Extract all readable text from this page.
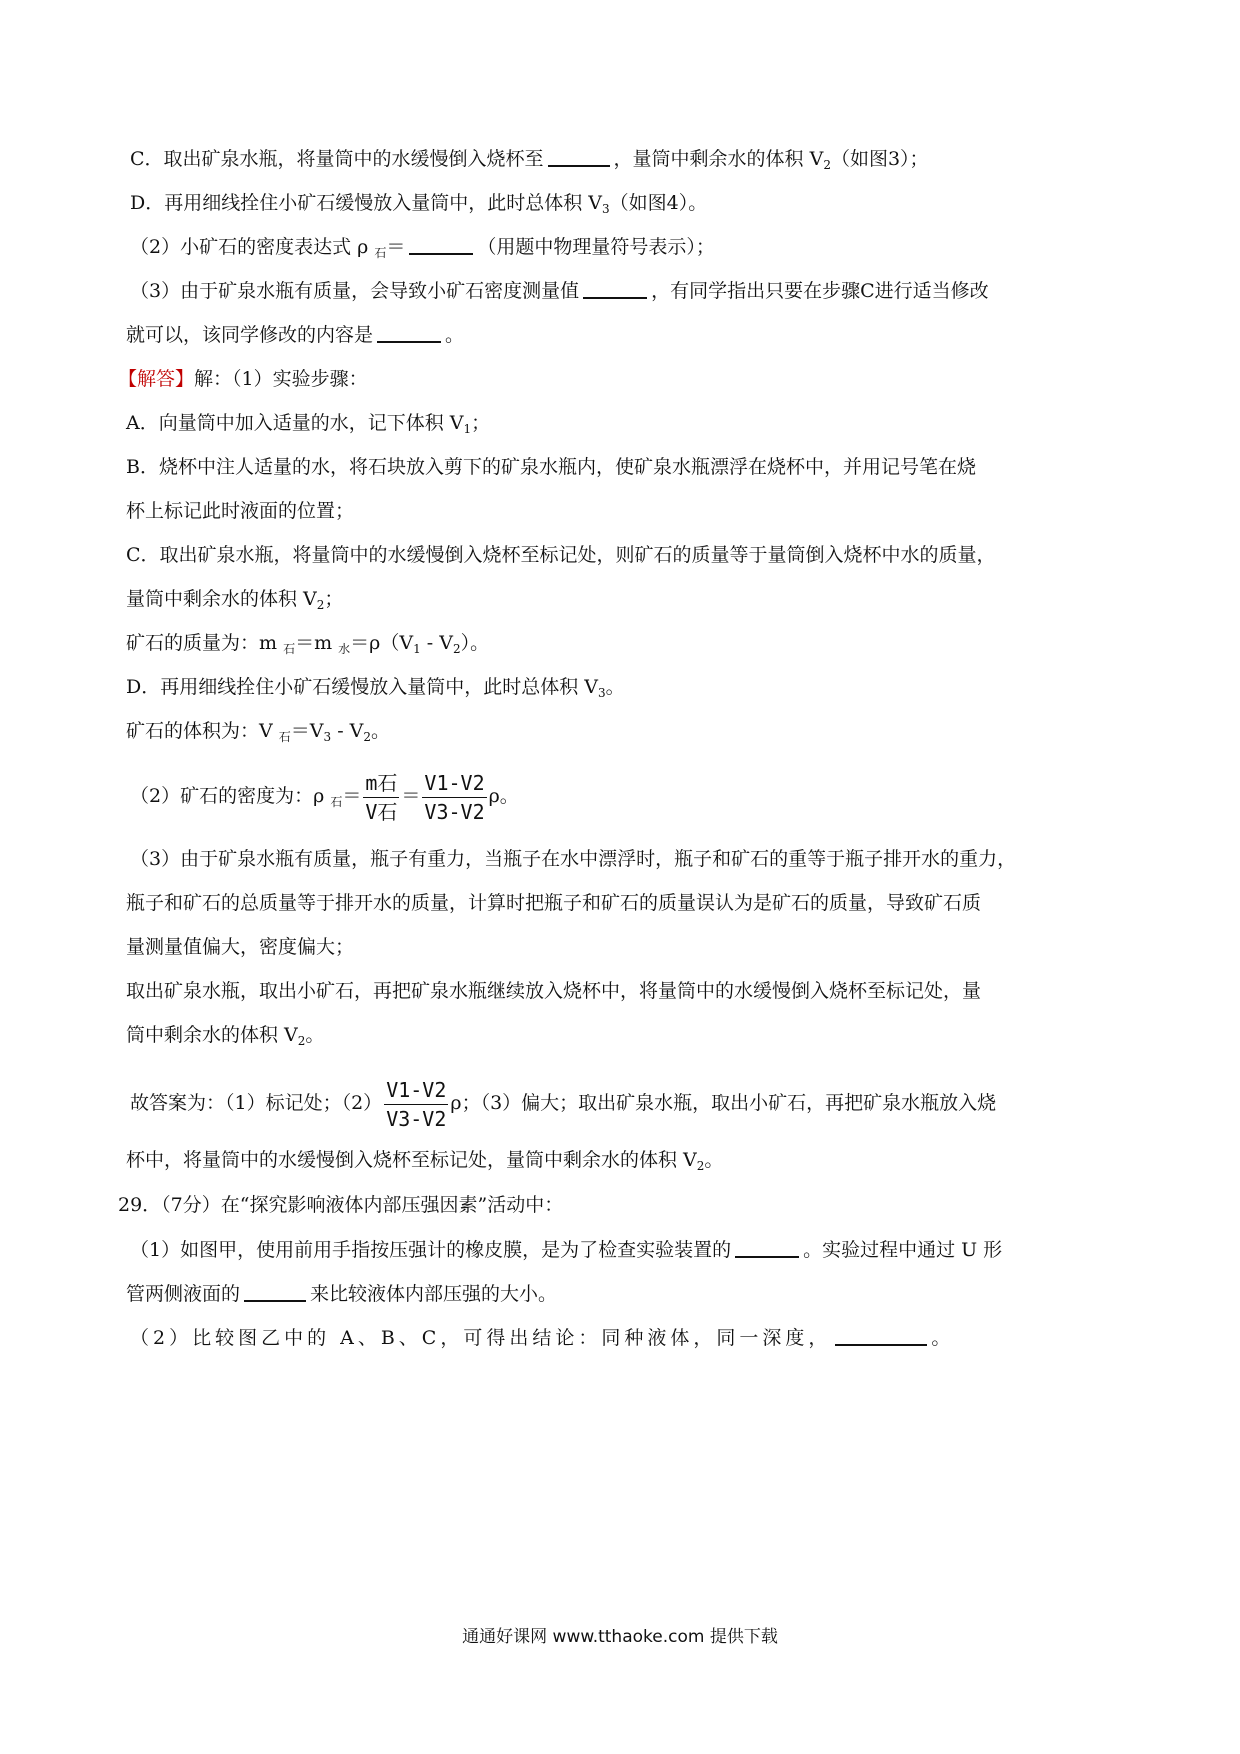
C．取出矿泉水瓶，将量筒中的水缓慢倒入烧杯至	，量筒中剩余水的体积 $V_2$（如图3）；
D．再用细线拴住小矿石缓慢放入量筒中，此时总体积 $V_3$（如图4）。
（2）小矿石的密度表达式 ρ $_石$＝	（用题中物理量符号表示）；
（3）由于矿泉水瓶有质量，会导致小矿石密度测量值	，有同学指出只要在步骤C进行适当修改
就可以，该同学修改的内容是	。
【解答】解：（1）实验步骤：
A．向量筒中加入适量的水，记下体积 $V_1$；
B．烧杯中注人适量的水，将石块放入剪下的矿泉水瓶内，使矿泉水瓶漂浮在烧杯中，并用记号笔在烧
杯上标记此时液面的位置；
C．取出矿泉水瓶，将量筒中的水缓慢倒入烧杯至标记处，则矿石的质量等于量筒倒入烧杯中水的质量，
量筒中剩余水的体积 $V_2$；
矿石的质量为：m $_石$＝m $_水=\rho(V_1 - V_2)$。
D．再用细线拴住小矿石缓慢放入量筒中，此时总体积 $V_3$。
矿石的体积为：V $_石=V_3 - V_2$。
（2）矿石的密度为：ρ $_石= \frac{\text{m石}}{\text{V石}} = \frac{V1-V2}{V3-V2}$ ρ。
（3）由于矿泉水瓶有质量，瓶子有重力，当瓶子在水中漂浮时，瓶子和矿石的重等于瓶子排开水的重力，
瓶子和矿石的总质量等于排开水的质量，计算时把瓶子和矿石的质量误认为是矿石的质量，导致矿石质
量测量值偏大，密度偏大；
取出矿泉水瓶，取出小矿石，再把矿泉水瓶继续放入烧杯中，将量筒中的水缓慢倒入烧杯至标记处，量
筒中剩余水的体积 $V_2$。
故答案为：（1）标记处；$(2) \frac{V1-V2}{V3-V2}$ ρ；（3）偏大；取出矿泉水瓶，取出小矿石，再把矿泉水瓶放入烧
杯中，将量筒中的水缓慢倒入烧杯至标记处，量筒中剩余水的体积 $V_2$。
29．（7分）在“探究影响液体内部压强因素”活动中：
（1）如图甲，使用前用手指按压强计的橡皮膜，是为了检查实验装置的	。实验过程中通过 U 形
管两侧液面的	来比较液体内部压强的大小。
（2）比较图乙中的 A、B、C，可得出结论：同种液体，同一深度，	。
通通好课网 www.tthaoke.com 提供下载
